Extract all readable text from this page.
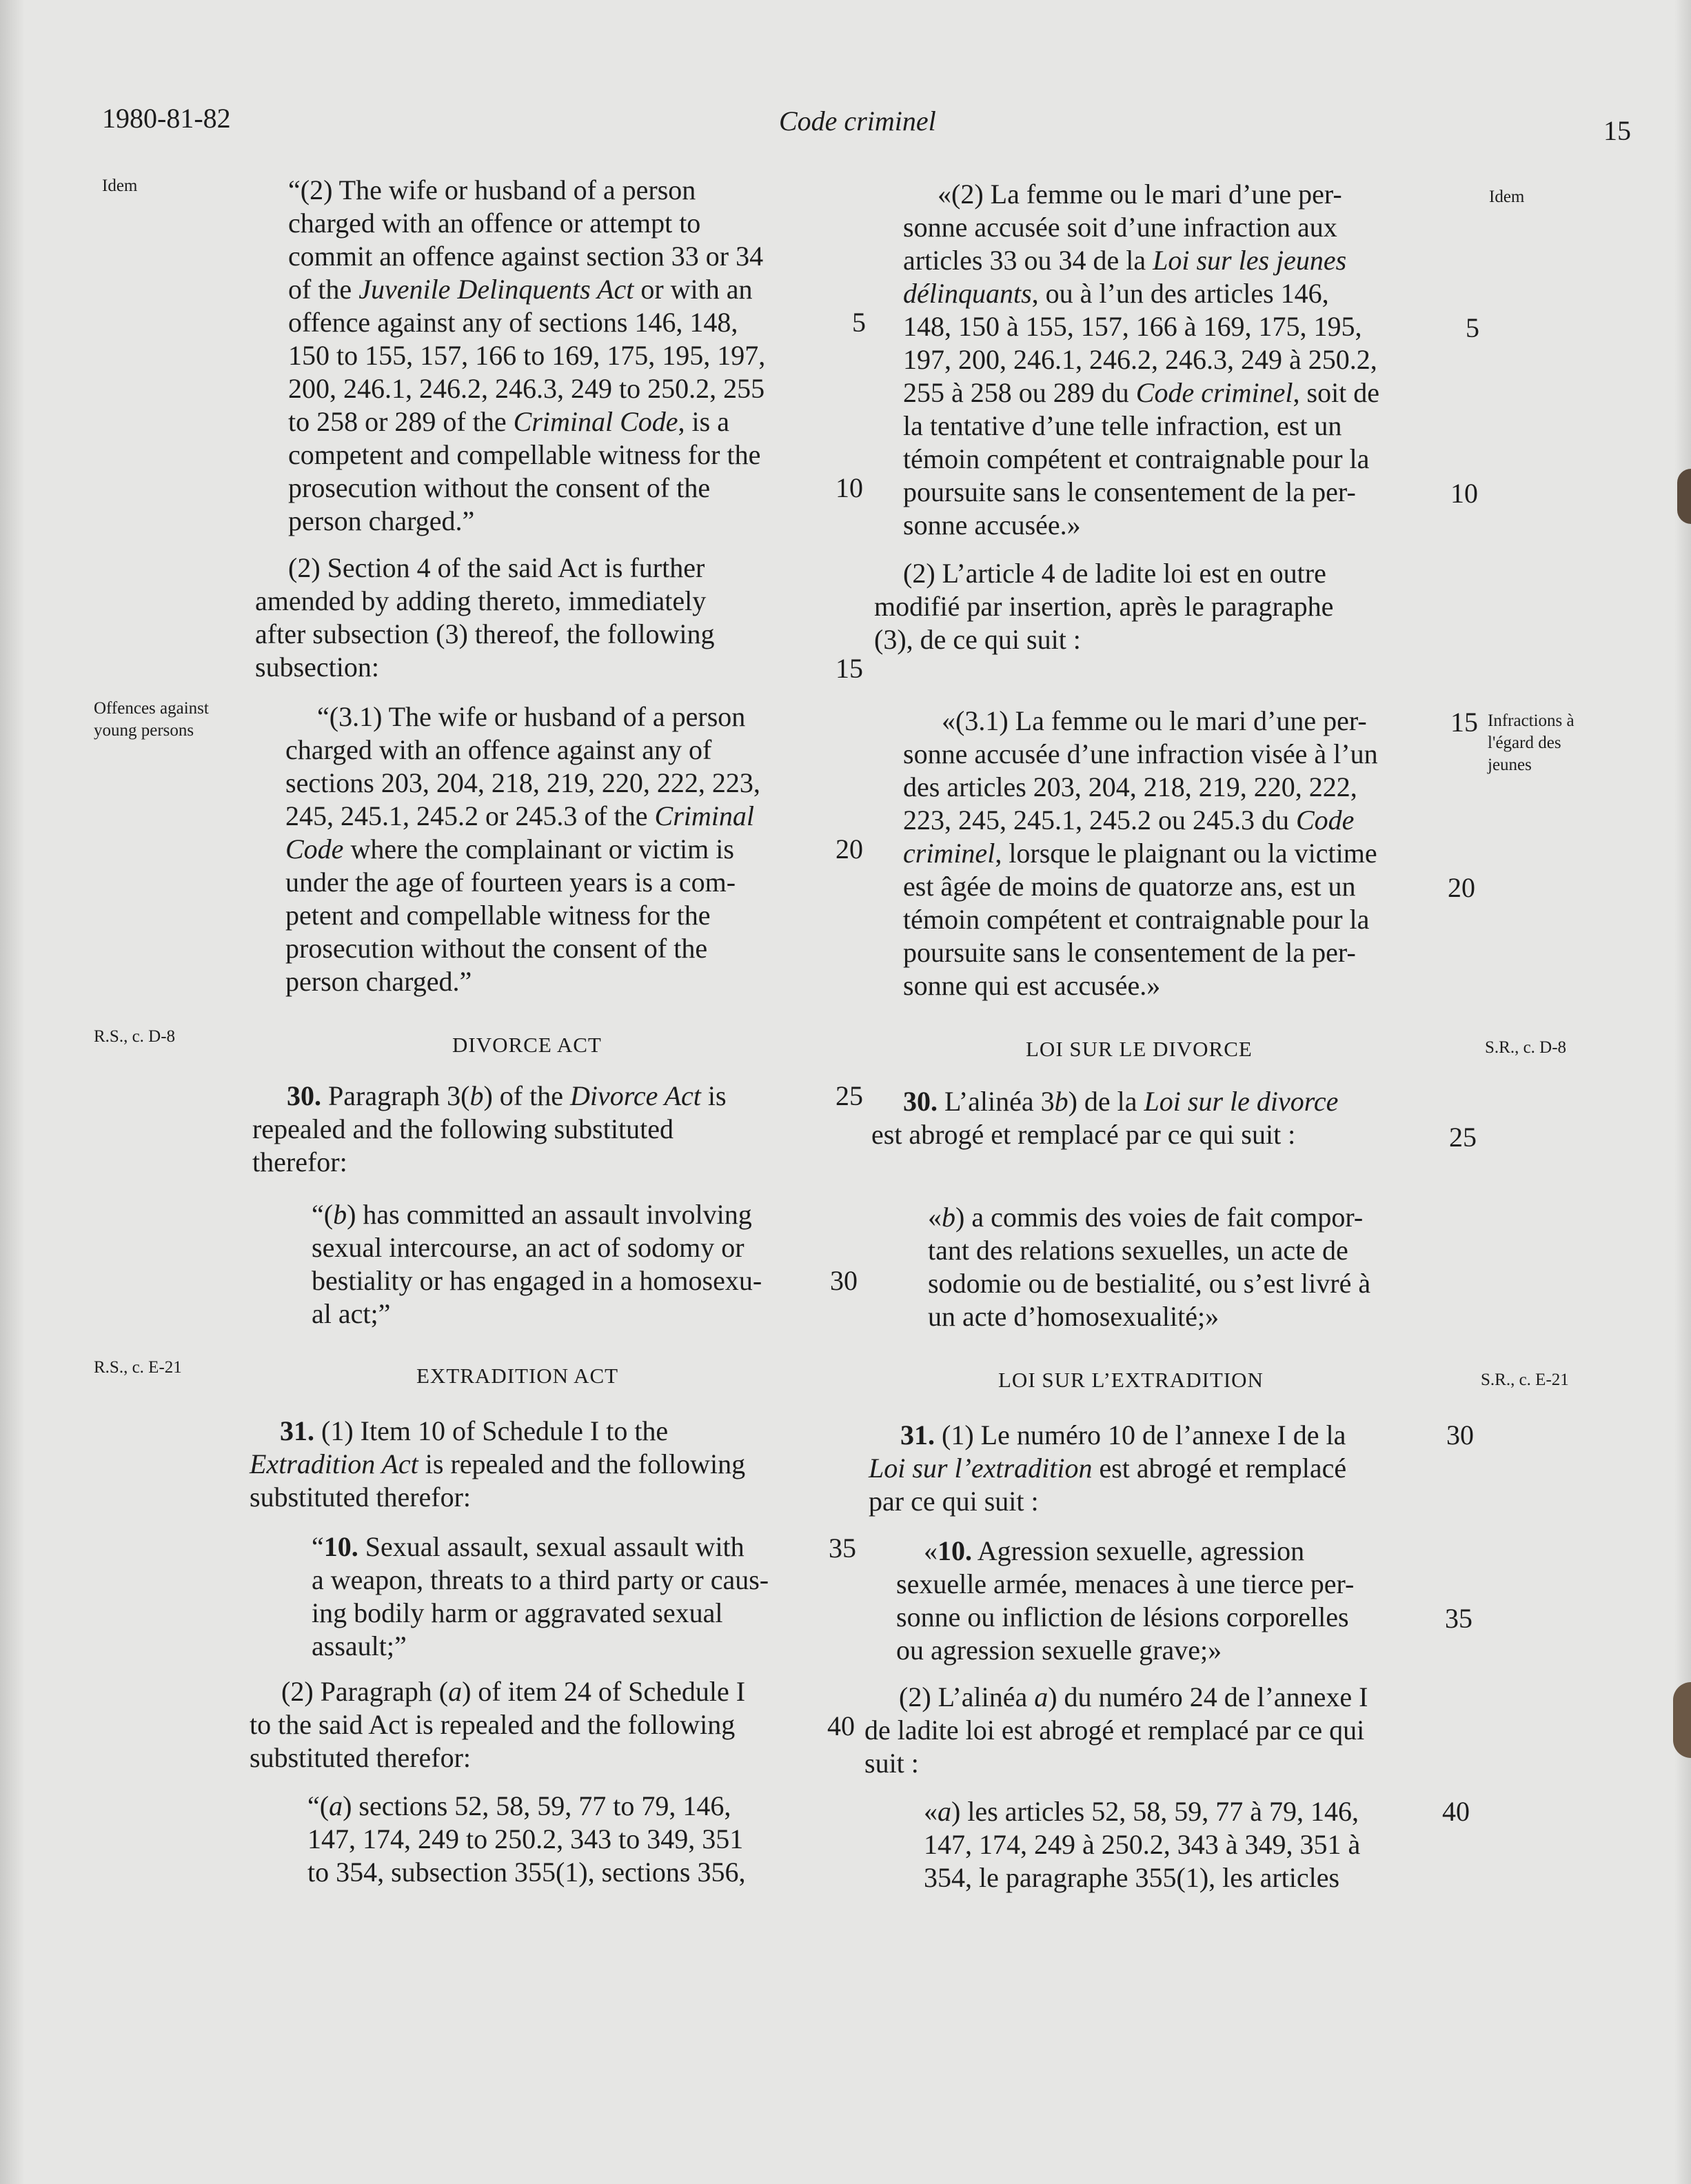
1980-81-82	Code criminel	15
Idem
Idem
Offences against young persons
Infractions à l'égard des jeunes
R.S., c. D-8
S.R., c. D-8
R.S., c. E-21
S.R., c. E-21

“(2) The wife or husband of a person

charged with an offence or attempt to

commit an offence against section 33 or 34

of the Juvenile Delinquents Act or with an

offence against any of sections 146, 148,

150 to 155, 157, 166 to 169, 175, 195, 197,

200, 246.1, 246.2, 246.3, 249 to 250.2, 255

to 258 or 289 of the Criminal Code, is a

competent and compellable witness for the

prosecution without the consent of the

person charged.”

(2) Section 4 of the said Act is further

amended by adding thereto, immediately

after subsection (3) thereof, the following

subsection:

“(3.1) The wife or husband of a person

charged with an offence against any of

sections 203, 204, 218, 219, 220, 222, 223,

245, 245.1, 245.2 or 245.3 of the Criminal

Code where the complainant or victim is

under the age of fourteen years is a com-

petent and compellable witness for the

prosecution without the consent of the

person charged.”

DIVORCE ACT

30. Paragraph 3(b) of the Divorce Act is

repealed and the following substituted

therefor:

“(b) has committed an assault involving

sexual intercourse, an act of sodomy or

bestiality or has engaged in a homosexu-

al act;”

EXTRADITION ACT

31. (1) Item 10 of Schedule I to the

Extradition Act is repealed and the following

substituted therefor:

“10. Sexual assault, sexual assault with

a weapon, threats to a third party or caus-

ing bodily harm or aggravated sexual

assault;”

(2) Paragraph (a) of item 24 of Schedule I

to the said Act is repealed and the following

substituted therefor:

“(a) sections 52, 58, 59, 77 to 79, 146,

147, 174, 249 to 250.2, 343 to 349, 351

to 354, subsection 355(1), sections 356,

5
10
15
20
25
30
35
40

«(2) La femme ou le mari d’une per-

sonne accusée soit d’une infraction aux

articles 33 ou 34 de la Loi sur les jeunes

délinquants, ou à l’un des articles 146,

148, 150 à 155, 157, 166 à 169, 175, 195,

197, 200, 246.1, 246.2, 246.3, 249 à 250.2,

255 à 258 ou 289 du Code criminel, soit de

la tentative d’une telle infraction, est un

témoin compétent et contraignable pour la

poursuite sans le consentement de la per-

sonne accusée.»

(2) L’article 4 de ladite loi est en outre

modifié par insertion, après le paragraphe

(3), de ce qui suit :

«(3.1) La femme ou le mari d’une per-

sonne accusée d’une infraction visée à l’un

des articles 203, 204, 218, 219, 220, 222,

223, 245, 245.1, 245.2 ou 245.3 du Code

criminel, lorsque le plaignant ou la victime

est âgée de moins de quatorze ans, est un

témoin compétent et contraignable pour la

poursuite sans le consentement de la per-

sonne qui est accusée.»

LOI SUR LE DIVORCE

30. L’alinéa 3b) de la Loi sur le divorce

est abrogé et remplacé par ce qui suit :

«b) a commis des voies de fait compor-

tant des relations sexuelles, un acte de

sodomie ou de bestialité, ou s’est livré à

un acte d’homosexualité;»

LOI SUR L’EXTRADITION

31. (1) Le numéro 10 de l’annexe I de la

Loi sur l’extradition est abrogé et remplacé

par ce qui suit :

«10. Agression sexuelle, agression

sexuelle armée, menaces à une tierce per-

sonne ou infliction de lésions corporelles

ou agression sexuelle grave;»

(2) L’alinéa a) du numéro 24 de l’annexe I

de ladite loi est abrogé et remplacé par ce qui

suit :

«a) les articles 52, 58, 59, 77 à 79, 146,

147, 174, 249 à 250.2, 343 à 349, 351 à

354, le paragraphe 355(1), les articles

5
10
15
20
25
30
35
40
